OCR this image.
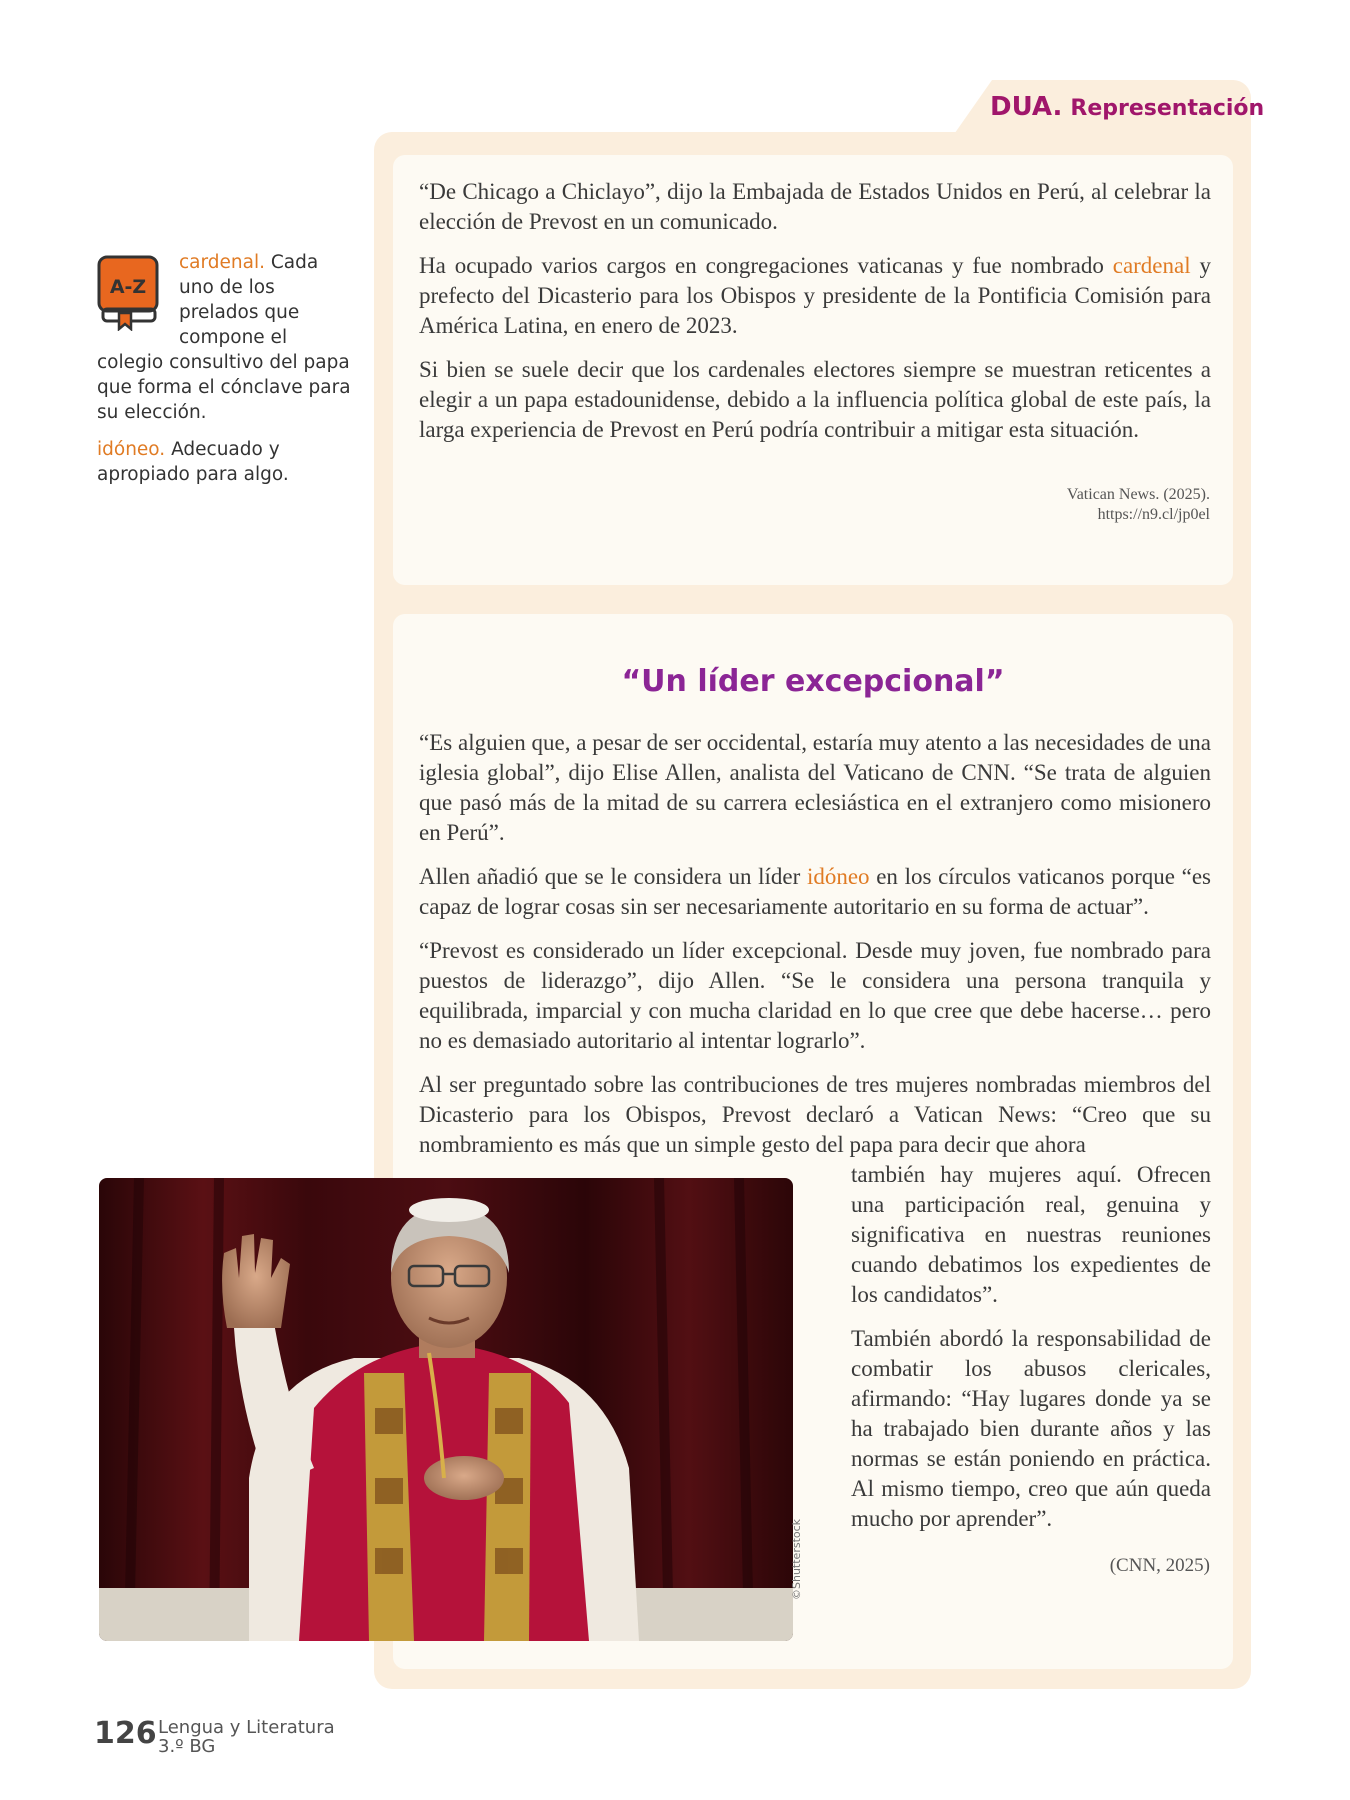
DUA. Representación

“De Chicago a Chiclayo”, dijo la Embajada de Estados Unidos en Perú, al celebrar la elección de Prevost en un comunicado.

Ha ocupado varios cargos en congregaciones vaticanas y fue nombrado cardenal y prefecto del Dicasterio para los Obispos y presidente de la Pontificia Comisión para América Latina, en enero de 2023.

Si bien se suele decir que los cardenales electores siempre se muestran reticentes a elegir a un papa estadounidense, debido a la influencia política global de este país, la larga experiencia de Prevost en Perú podría contribuir a mitigar esta situación.

Vatican News. (2025).
https://n9.cl/jp0el
“Un líder excepcional”

“Es alguien que, a pesar de ser occidental, estaría muy atento a las necesidades de una iglesia global”, dijo Elise Allen, analista del Vaticano de CNN. “Se trata de alguien que pasó más de la mitad de su carrera eclesiástica en el extranjero como misionero en Perú”.

Allen añadió que se le considera un líder idóneo en los círculos vaticanos porque “es capaz de lograr cosas sin ser necesariamente autoritario en su forma de actuar”.

“Prevost es considerado un líder excepcional. Desde muy joven, fue nombrado para puestos de liderazgo”, dijo Allen. “Se le considera una persona tranquila y equilibrada, imparcial y con mucha claridad en lo que cree que debe hacerse… pero no es demasiado autoritario al intentar lograrlo”.

Al ser preguntado sobre las contribuciones de tres mujeres nombradas miembros del Dicasterio para los Obispos, Prevost declaró a Vatican News: “Creo que su nombramiento es más que un simple gesto del papa para decir que ahora

también hay mujeres aquí. Ofrecen una participación real, genuina y significativa en nuestras reuniones cuando debatimos los expedientes de los candidatos”.

También abordó la responsabilidad de combatir los abusos clericales, afirmando: “Hay lugares donde ya se ha trabajado bien durante años y las normas se están poniendo en práctica. Al mismo tiempo, creo que aún queda mucho por aprender”.

(CNN, 2025)
A-Z

cardenal. Cada uno de los prelados que compone el

colegio consultivo del papa que forma el cónclave para su elección.

idóneo. Adecuado y apropiado para algo.

©Shutterstock
126 Lengua y Literatura
3.º BG
